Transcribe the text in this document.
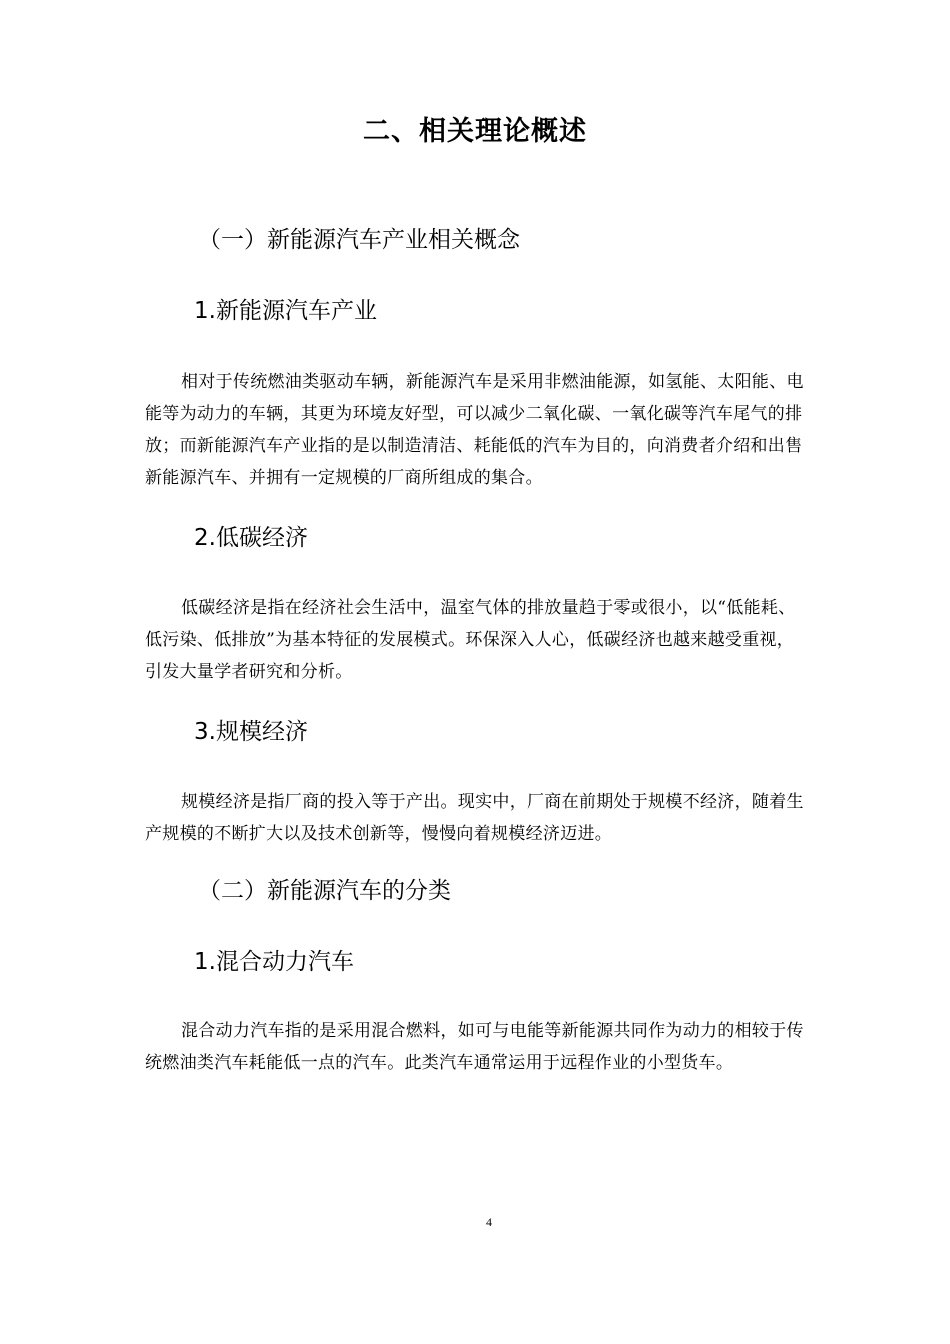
二、相关理论概述
（一）新能源汽车产业相关概念
1.新能源汽车产业

相对于传统燃油类驱动车辆，新能源汽车是采用非燃油能源，如氢能、太阳能、电能等为动力的车辆，其更为环境友好型，可以减少二氧化碳、一氧化碳等汽车尾气的排放；而新能源汽车产业指的是以制造清洁、耗能低的汽车为目的，向消费者介绍和出售新能源汽车、并拥有一定规模的厂商所组成的集合。

2.低碳经济

低碳经济是指在经济社会生活中，温室气体的排放量趋于零或很小，以“低能耗、低污染、低排放”为基本特征的发展模式。环保深入人心，低碳经济也越来越受重视，引发大量学者研究和分析。

3.规模经济

规模经济是指厂商的投入等于产出。现实中，厂商在前期处于规模不经济，随着生产规模的不断扩大以及技术创新等，慢慢向着规模经济迈进。

（二）新能源汽车的分类
1.混合动力汽车

混合动力汽车指的是采用混合燃料，如可与电能等新能源共同作为动力的相较于传统燃油类汽车耗能低一点的汽车。此类汽车通常运用于远程作业的小型货车。

4
